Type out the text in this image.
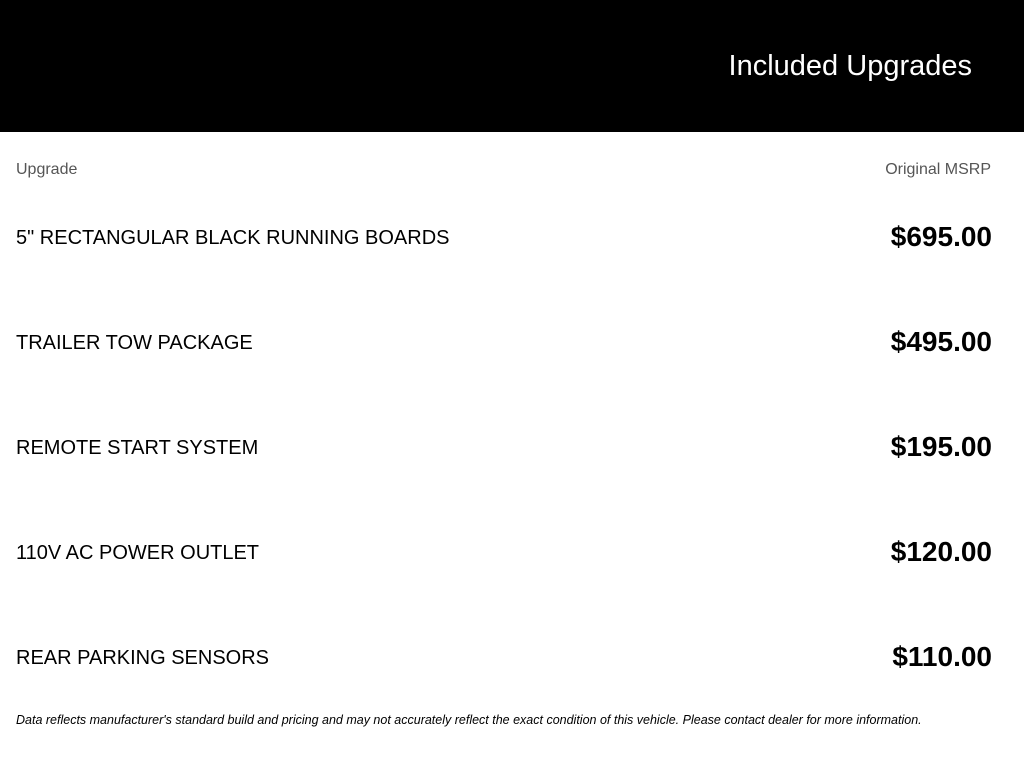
Included Upgrades
Upgrade	Original MSRP
5" RECTANGULAR BLACK RUNNING BOARDS	$695.00
TRAILER TOW PACKAGE	$495.00
REMOTE START SYSTEM	$195.00
110V AC POWER OUTLET	$120.00
REAR PARKING SENSORS	$110.00
Data reflects manufacturer's standard build and pricing and may not accurately reflect the exact condition of this vehicle. Please contact dealer for more information.
